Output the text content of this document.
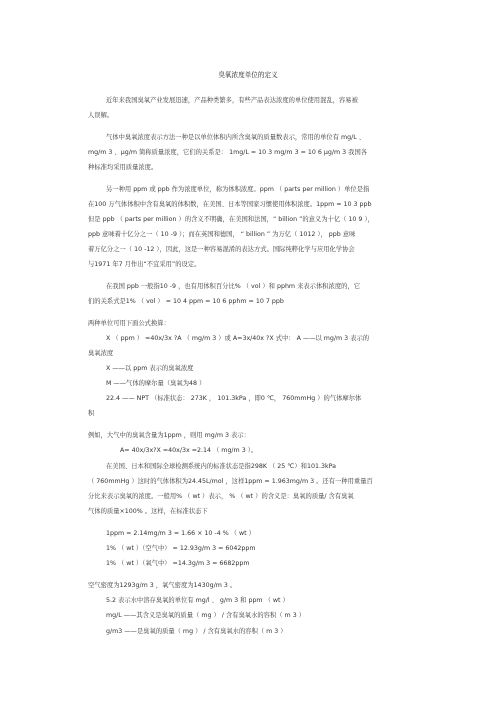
臭氧浓度单位的定义
近年来我国臭氧产业发展迅速，产品种类繁多，有些产品表达浓度的单位使用混乱，容易被
人误解。
气体中臭氧浓度表示方法一种是以单位体积内所含臭氧的质量数表示，常用的单位有 mg/L 、
mg/m 3 、μg/m 简称质量浓度，它们的关系是： 1mg/L = 10 3 mg/m 3 = 10 6 μg/m 3 我国各
种标准均采用质量浓度。
另一种用 ppm 或 ppb 作为浓度单位，称为体积浓度。ppm （ parts per million ）单位是指
在100 万气体体积中含有臭氧的体积数，在美国、日本等国家习惯使用体积浓度。1ppm = 10 3 ppb
但是 ppb （ parts per million ）的含义不明确，在美国和法国，“ billion ”的意义为十亿（ 10 9 ），
ppb 意味着十亿分之一（ 10 -9 ）；而在英国和德国， “ billion ” 为万亿（ 1012 ）， ppb 意味
着万亿分之一（ 10 -12 ），因此，这是一种容易混淆的表达方式。国际纯粹化学与应用化学协会
与1971 年7 月作出“不宜采用”的设定。
在我国 ppb 一般指10 -9 ，也有用体积百分比% （ vol ）和 pphm 来表示体积浓度的，它
们的关系式是1% （ vol ） = 10 4 ppm = 10 6 pphm = 10 7 ppb
两种单位可用下面公式换算：
X （ ppm ） =40x/3x ?A （ mg/m 3 ）或 A=3x/40x ?X 式中： A ——以 mg/m 3 表示的
臭氧浓度
X ——以 ppm 表示的臭氧浓度
M ——气体的摩尔量（臭氧为48 ）
22.4 —— NPT （标准状态： 273K ， 101.3kPa ，即0 ℃， 760mmHg ）的气体摩尔体
积
例如，大气中的臭氧含量为1ppm ，则用 mg/m 3 表示：
A= 40x/3x?X =40x/3x =2.14 （ mg/m 3 ）。
在美国、日本和国际全球检测系统内的标准状态是指298K （ 25 ℃）和101.3kPa
（ 760mmHg ）这时的气体体积为24.45L/mol ，这样1ppm = 1.963mg/m 3 。还有一种用重量百
分比来表示臭氧的浓度。一般用% （ wt ）表示， % （ wt ）的含义是：臭氧的质量/ 含有臭氧
气体的质量×100% 。这样，在标准状态下
1ppm = 2.14mg/m 3 = 1.66 × 10 -4 % （ wt ）
1% （ wt ）（空气中） = 12.93g/m 3 = 6042ppm
1% （ wt ）（氧气中） =14.3g/m 3 = 6682ppm
空气密度为1293g/m 3 ，氧气密度为1430g/m 3 。
5.2 表示水中溶存臭氧的单位有 mg/l 、 g/m 3 和 ppm （ wt ）
mg/L ——其含义是臭氧的质量（ mg ） / 含有臭氧水的容积（ m 3 ）
g/m3 ——是臭氧的质量（ mg ） / 含有臭氧水的容积（ m 3 ）
